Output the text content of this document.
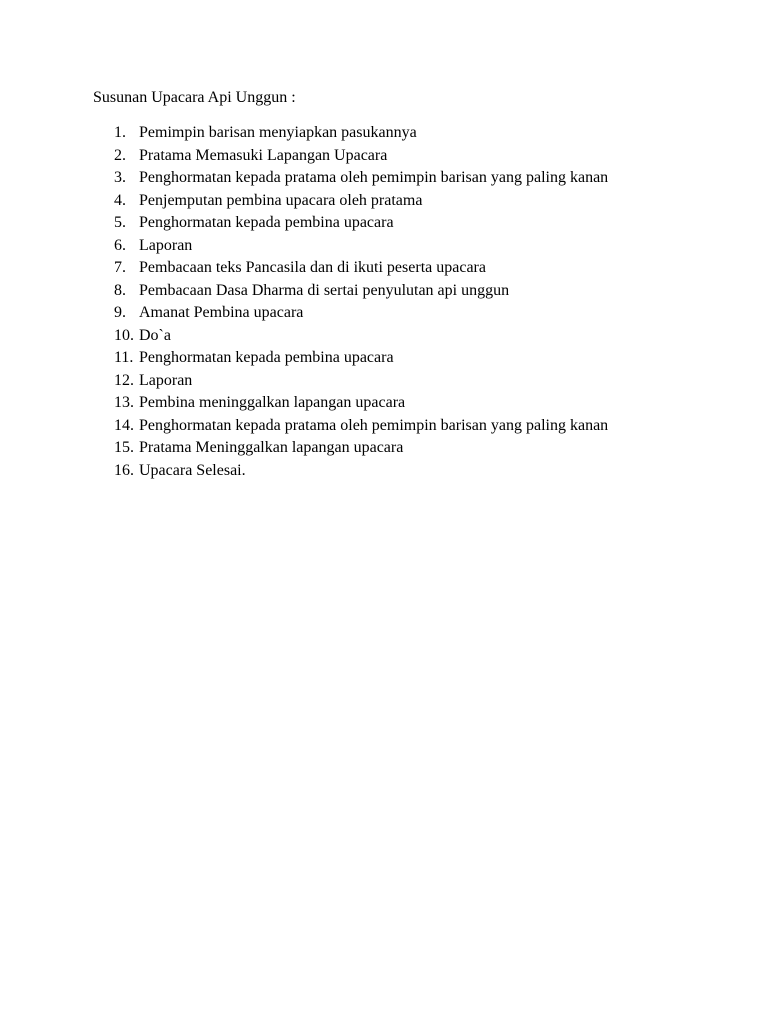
Susunan Upacara Api Unggun :
1. Pemimpin barisan menyiapkan pasukannya
2. Pratama Memasuki Lapangan Upacara
3. Penghormatan kepada pratama oleh pemimpin barisan yang paling kanan
4. Penjemputan pembina upacara oleh pratama
5. Penghormatan kepada pembina upacara
6. Laporan
7. Pembacaan teks Pancasila dan di ikuti peserta upacara
8. Pembacaan Dasa Dharma di sertai penyulutan api unggun
9. Amanat Pembina upacara
10. Do`a
11. Penghormatan kepada pembina upacara
12. Laporan
13. Pembina meninggalkan lapangan upacara
14. Penghormatan kepada pratama oleh pemimpin barisan yang paling kanan
15. Pratama Meninggalkan lapangan upacara
16. Upacara Selesai.
